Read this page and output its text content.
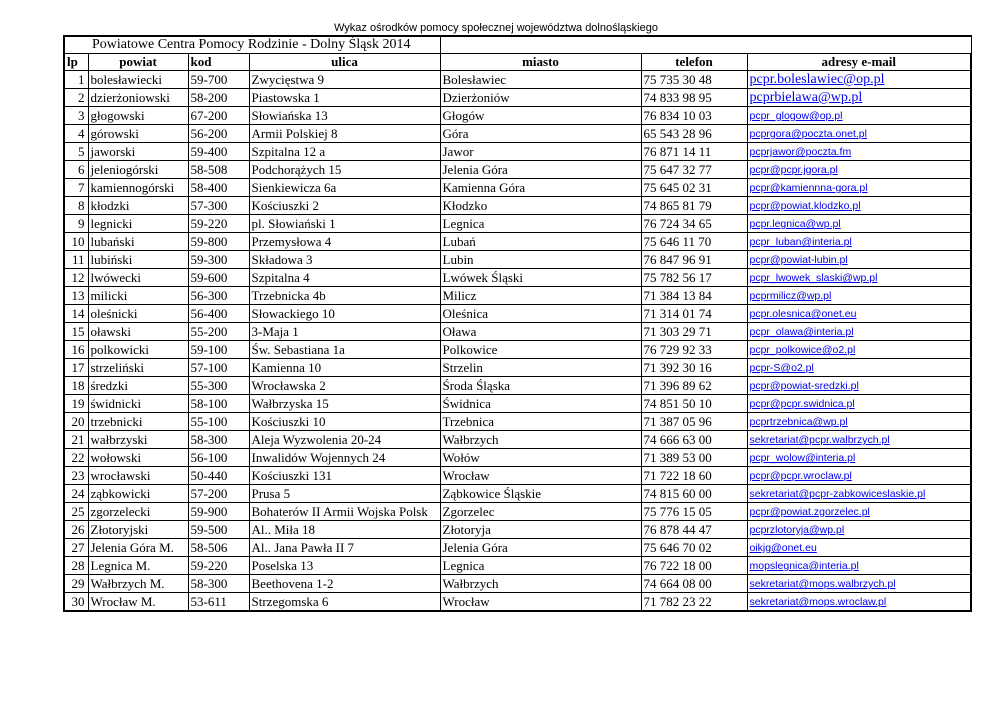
Wykaz ośrodków pomocy społecznej województwa dolnośląskiego
Powiatowe Centra Pomocy Rodzinie - Dolny Śląsk 2014						
lp	powiat	kod	ulica	miasto	telefon	adresy e-mail
1	bolesławiecki	59-700	Zwycięstwa 9	Bolesławiec	75 735 30 48	pcpr.boleslawiec@op.pl
2	dzierżoniowski	58-200	Piastowska 1	Dzierżoniów	74 833 98 95	pcprbielawa@wp.pl
3	głogowski	67-200	Słowiańska 13	Głogów	76 834 10 03	pcpr_glogow@op.pl
4	górowski	56-200	Armii Polskiej 8	Góra	65 543 28 96	pcprgora@poczta.onet.pl
5	jaworski	59-400	Szpitalna 12 a	Jawor	76 871 14 11	pcprjawor@poczta.fm
6	jeleniogórski	58-508	Podchorążych 15	Jelenia Góra	75 647 32 77	pcpr@pcpr.jgora.pl
7	kamiennogórski	58-400	Sienkiewicza 6a	Kamienna Góra	75 645 02 31	pcpr@kamiennna-gora.pl
8	kłodzki	57-300	Kościuszki 2	Kłodzko	74 865 81 79	pcpr@powiat.klodzko.pl
9	legnicki	59-220	pl. Słowiański 1	Legnica	76 724 34 65	pcpr.legnica@wp.pl
10	lubański	59-800	Przemysłowa 4	Lubań	75 646 11 70	pcpr_luban@interia.pl
11	lubiński	59-300	Składowa 3	Lubin	76 847 96 91	pcpr@powiat-lubin.pl
12	lwówecki	59-600	Szpitalna 4	Lwówek Śląski	75 782 56 17	pcpr_lwowek_slaski@wp.pl
13	milicki	56-300	Trzebnicka 4b	Milicz	71 384 13 84	pcprmilicz@wp.pl
14	oleśnicki	56-400	Słowackiego 10	Oleśnica	71 314 01 74	pcpr.olesnica@onet.eu
15	oławski	55-200	3-Maja 1	Oława	71 303 29 71	pcpr_olawa@interia.pl
16	polkowicki	59-100	Św. Sebastiana 1a	Polkowice	76 729 92 33	pcpr_polkowice@o2.pl
17	strzeliński	57-100	Kamienna 10	Strzelin	71 392 30 16	pcpr-S@o2.pl
18	średzki	55-300	Wrocławska 2	Środa Śląska	71 396 89 62	pcpr@powiat-sredzki.pl
19	świdnicki	58-100	Wałbrzyska 15	Świdnica	74 851 50 10	pcpr@pcpr.swidnica.pl
20	trzebnicki	55-100	Kościuszki 10	Trzebnica	71 387 05 96	pcprtrzebnica@wp.pl
21	wałbrzyski	58-300	Aleja Wyzwolenia 20-24	Wałbrzych	74 666 63 00	sekretariat@pcpr.walbrzych.pl
22	wołowski	56-100	Inwalidów Wojennych 24	Wołów	71 389 53 00	pcpr_wolow@interia.pl
23	wrocławski	50-440	Kościuszki 131	Wrocław	71 722 18 60	pcpr@pcpr.wroclaw.pl
24	ząbkowicki	57-200	Prusa 5	Ząbkowice Śląskie	74 815 60 00	sekretariat@pcpr-zabkowiceslaskie.pl
25	zgorzelecki	59-900	Bohaterów II Armii Wojska Polsk	Zgorzelec	75 776 15 05	pcpr@powiat.zgorzelec.pl
26	Złotoryjski	59-500	Al.. Miła 18	Złotoryja	76 878 44 47	pcprzlotoryja@wp.pl
27	Jelenia Góra M.	58-506	Al.. Jana Pawła II 7	Jelenia Góra	75 646 70 02	oikjg@onet.eu
28	Legnica M.	59-220	Poselska 13	Legnica	76 722 18 00	mopslegnica@interia.pl
29	Wałbrzych M.	58-300	Beethovena 1-2	Wałbrzych	74 664 08 00	sekretariat@mops.walbrzych.pl
30	Wrocław M.	53-611	Strzegomska 6	Wrocław	71 782 23 22	sekretariat@mops.wroclaw.pl
